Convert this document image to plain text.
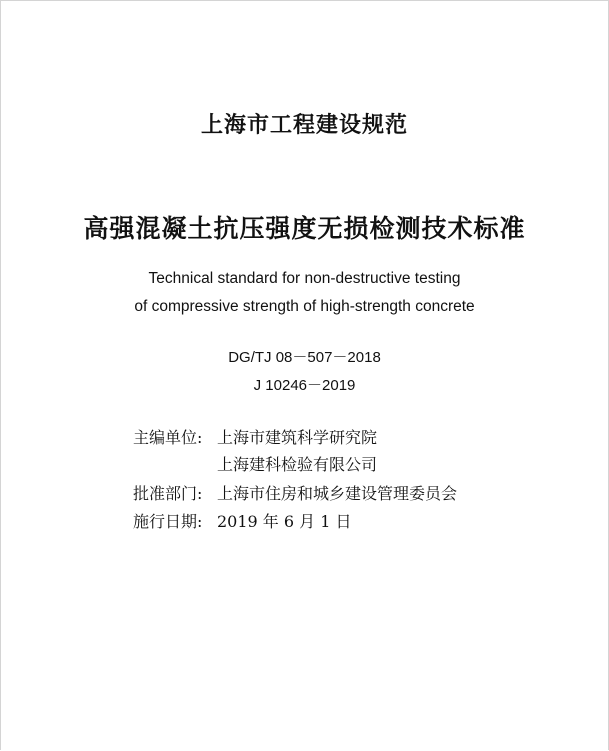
上海市工程建设规范
高强混凝土抗压强度无损检测技术标准
Technical standard for non-destructive testing
of compressive strength of high-strength concrete
DG/TJ 08－507－2018
J 10246－2019
主编单位: 上海市建筑科学研究院
上海建科检验有限公司
批准部门: 上海市住房和城乡建设管理委员会
施行日期: 2019 年 6 月 1 日
